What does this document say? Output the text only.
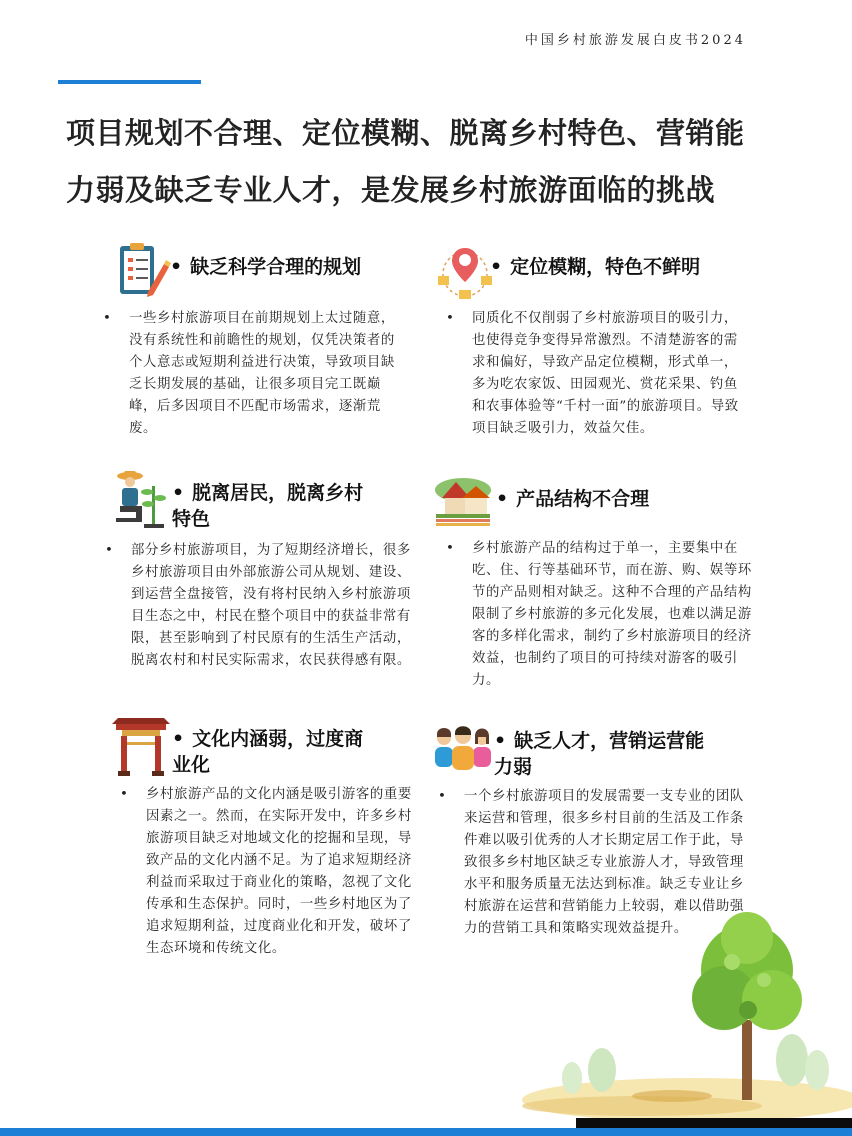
中国乡村旅游发展白皮书2024
项目规划不合理、定位模糊、脱离乡村特色、营销能
力弱及缺乏专业人才，是发展乡村旅游面临的挑战
• 缺乏科学合理的规划
• 一些乡村旅游项目在前期规划上太过随意，没有系统性和前瞻性的规划，仅凭决策者的个人意志或短期利益进行决策，导致项目缺乏长期发展的基础，让很多项目完工既巅峰，后多因项目不匹配市场需求，逐渐荒废。
• 定位模糊，特色不鲜明
• 同质化不仅削弱了乡村旅游项目的吸引力，也使得竞争变得异常激烈。不清楚游客的需求和偏好，导致产品定位模糊，形式单一，多为吃农家饭、田园观光、赏花采果、钓鱼和农事体验等“千村一面”的旅游项目。导致项目缺乏吸引力，效益欠佳。
• 脱离居民，脱离乡村特色
• 部分乡村旅游项目，为了短期经济增长，很多乡村旅游项目由外部旅游公司从规划、建设、到运营全盘接管，没有将村民纳入乡村旅游项目生态之中，村民在整个项目中的获益非常有限，甚至影响到了村民原有的生活生产活动，脱离农村和村民实际需求，农民获得感有限。
• 产品结构不合理
• 乡村旅游产品的结构过于单一，主要集中在吃、住、行等基础环节，而在游、购、娱等环节的产品则相对缺乏。这种不合理的产品结构限制了乡村旅游的多元化发展，也难以满足游客的多样化需求，制约了乡村旅游项目的经济效益，也制约了项目的可持续对游客的吸引力。
• 文化内涵弱，过度商业化
• 乡村旅游产品的文化内涵是吸引游客的重要因素之一。然而，在实际开发中，许多乡村旅游项目缺乏对地域文化的挖掘和呈现，导致产品的文化内涵不足。为了追求短期经济利益而采取过于商业化的策略，忽视了文化传承和生态保护。同时，一些乡村地区为了追求短期利益，过度商业化和开发，破坏了生态环境和传统文化。
• 缺乏人才，营销运营能力弱
• 一个乡村旅游项目的发展需要一支专业的团队来运营和管理，很多乡村目前的生活及工作条件难以吸引优秀的人才长期定居工作于此，导致很多乡村地区缺乏专业旅游人才，导致管理水平和服务质量无法达到标准。缺乏专业让乡村旅游在运营和营销能力上较弱，难以借助强力的营销工具和策略实现效益提升。
